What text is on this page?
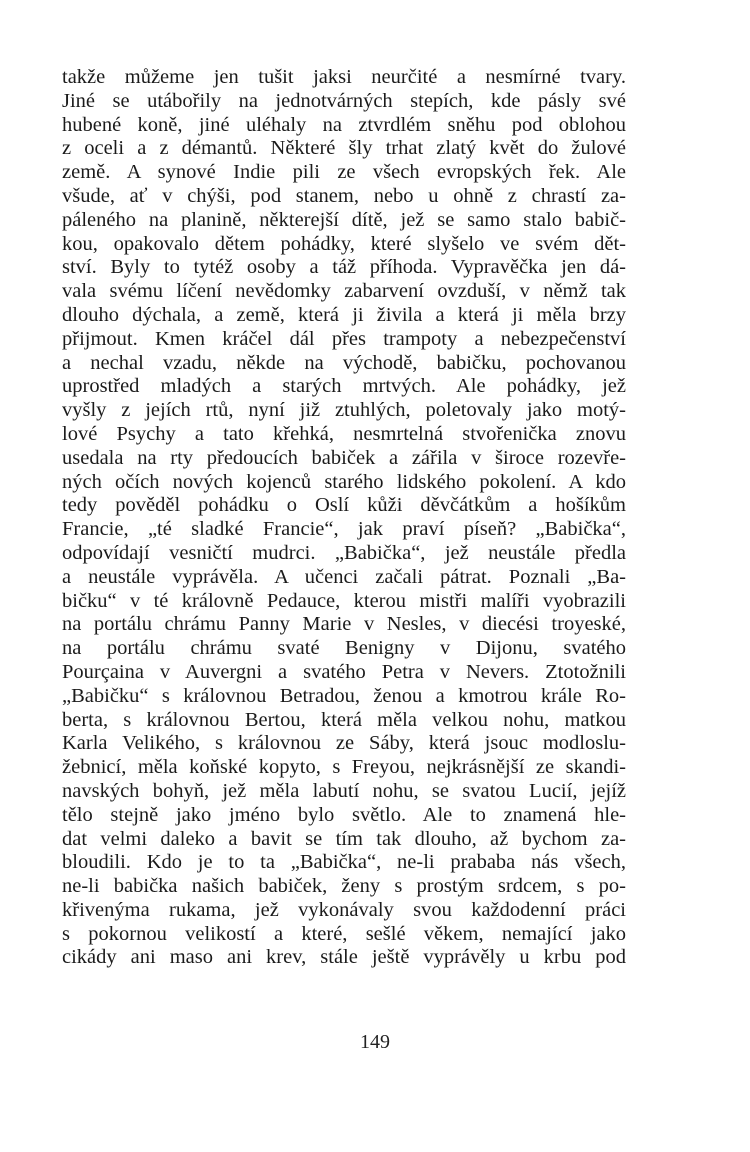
takže můžeme jen tušit jaksi neurčité a nesmírné tvary.
Jiné se utábořily na jednotvárných stepích, kde pásly své
hubené koně, jiné uléhaly na ztvrdlém sněhu pod oblohou
z oceli a z démantů. Některé šly trhat zlatý květ do žulové
země. A synové Indie pili ze všech evropských řek. Ale
všude, ať v chýši, pod stanem, nebo u ohně z chrastí za-
páleného na planině, některejší dítě, jež se samo stalo babič-
kou, opakovalo dětem pohádky, které slyšelo ve svém dět-
ství. Byly to tytéž osoby a táž příhoda. Vypravěčka jen dá-
vala svému líčení nevědomky zabarvení ovzduší, v němž tak
dlouho dýchala, a země, která ji živila a která ji měla brzy
přijmout. Kmen kráčel dál přes trampoty a nebezpečenství
a nechal vzadu, někde na východě, babičku, pochovanou
uprostřed mladých a starých mrtvých. Ale pohádky, jež
vyšly z jejích rtů, nyní již ztuhlých, poletovaly jako motý-
lové Psychy a tato křehká, nesmrtelná stvořenička znovu
usedala na rty předoucích babiček a zářila v široce rozevře-
ných očích nových kojenců starého lidského pokolení. A kdo
tedy pověděl pohádku o Oslí kůži děvčátkům a hošíkům
Francie, „té sladké Francie“, jak praví píseň? „Babička“,
odpovídají vesničtí mudrci. „Babička“, jež neustále předla
a neustále vyprávěla. A učenci začali pátrat. Poznali „Ba-
bičku“ v té královně Pedauce, kterou mistři malíři vyobrazili
na portálu chrámu Panny Marie v Nesles, v diecési troyeské,
na portálu chrámu svaté Benigny v Dijonu, svatého
Pourçaina v Auvergni a svatého Petra v Nevers. Ztotožnili
„Babičku“ s královnou Betradou, ženou a kmotrou krále Ro-
berta, s královnou Bertou, která měla velkou nohu, matkou
Karla Velikého, s královnou ze Sáby, která jsouc modloslu-
žebnicí, měla koňské kopyto, s Freyou, nejkrásnější ze skandi-
navských bohyň, jež měla labutí nohu, se svatou Lucií, jejíž
tělo stejně jako jméno bylo světlo. Ale to znamená hle-
dat velmi daleko a bavit se tím tak dlouho, až bychom za-
bloudili. Kdo je to ta „Babička“, ne-li prababa nás všech,
ne-li babička našich babiček, ženy s prostým srdcem, s po-
křivenýma rukama, jež vykonávaly svou každodenní práci
s pokornou velikostí a které, sešlé věkem, nemající jako
cikády ani maso ani krev, stále ještě vyprávěly u krbu pod
149
